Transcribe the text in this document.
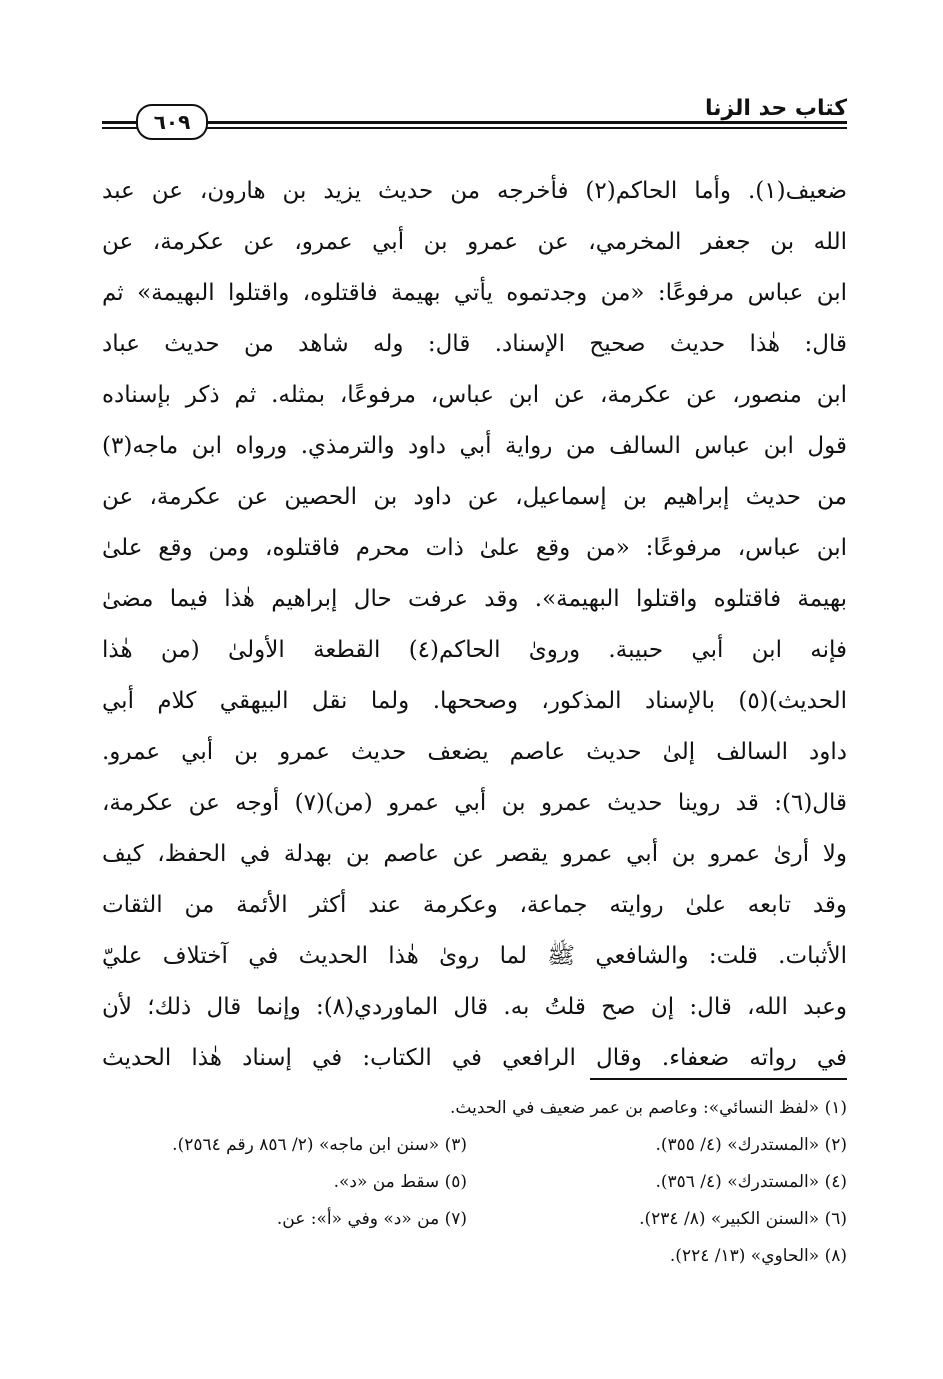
كتاب حد الزنا
٦٠٩
ضعيف(١). وأما الحاكم(٢) فأخرجه من حديث يزيد بن هارون، عن عبد
الله بن جعفر المخرمي، عن عمرو بن أبي عمرو، عن عكرمة، عن
ابن عباس مرفوعًا: «من وجدتموه يأتي بهيمة فاقتلوه، واقتلوا البهيمة» ثم
قال: هٰذا حديث صحيح الإسناد. قال: وله شاهد من حديث عباد
ابن منصور، عن عكرمة، عن ابن عباس، مرفوعًا، بمثله. ثم ذكر بإسناده
قول ابن عباس السالف من رواية أبي داود والترمذي. ورواه ابن ماجه(٣)
من حديث إبراهيم بن إسماعيل، عن داود بن الحصين عن عكرمة، عن
ابن عباس، مرفوعًا: «من وقع علىٰ ذات محرم فاقتلوه، ومن وقع علىٰ
بهيمة فاقتلوه واقتلوا البهيمة». وقد عرفت حال إبراهيم هٰذا فيما مضىٰ
فإنه ابن أبي حبيبة. وروىٰ الحاكم(٤) القطعة الأولىٰ (من هٰذا
الحديث)(٥) بالإسناد المذكور، وصححها. ولما نقل البيهقي كلام أبي
داود السالف إلىٰ حديث عاصم يضعف حديث عمرو بن أبي عمرو.
قال(٦): قد روينا حديث عمرو بن أبي عمرو (من)(٧) أوجه عن عكرمة،
ولا أرىٰ عمرو بن أبي عمرو يقصر عن عاصم بن بهدلة في الحفظ، كيف
وقد تابعه علىٰ روايته جماعة، وعكرمة عند أكثر الأئمة من الثقات
الأثبات. قلت: والشافعي ﷺ لما روىٰ هٰذا الحديث في آختلاف عليّ
وعبد الله، قال: إن صح قلتُ به. قال الماوردي(٨): وإنما قال ذلك؛ لأن
في رواته ضعفاء. وقال الرافعي في الكتاب: في إسناد هٰذا الحديث
(١) «لفظ النسائي»: وعاصم بن عمر ضعيف في الحديث.
(٢) «المستدرك» (٤/ ٣٥٥).
(٣) «سنن ابن ماجه» (٢/ ٨٥٦ رقم ٢٥٦٤).
(٤) «المستدرك» (٤/ ٣٥٦).
(٥) سقط من «د».
(٦) «السنن الكبير» (٨/ ٢٣٤).
(٧) من «د» وفي «أ»: عن.
(٨) «الحاوي» (١٣/ ٢٢٤).
